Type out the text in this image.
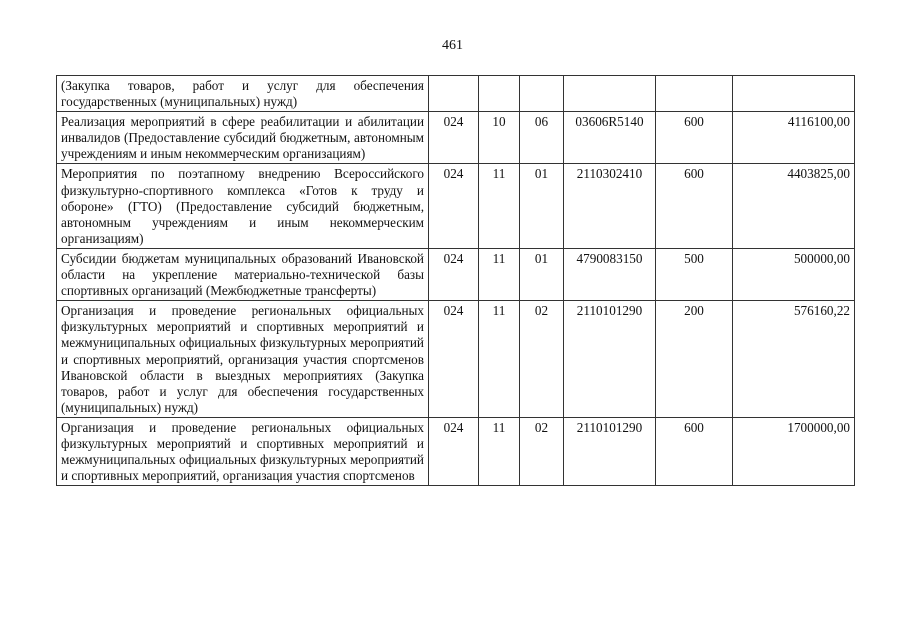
461
(Закупка товаров, работ и услуг для обеспечения государственных (муниципальных) нужд)						
Реализация мероприятий в сфере реабилитации и абилитации инвалидов (Предоставление субсидий бюджетным, автономным учреждениям и иным некоммерческим организациям)	024	10	06	03606R5140	600	4116100,00
Мероприятия по поэтапному внедрению Всероссийского физкультурно-спортивного комплекса «Готов к труду и обороне» (ГТО) (Предоставление субсидий бюджетным, автономным учреждениям и иным некоммерческим организациям)	024	11	01	2110302410	600	4403825,00
Субсидии бюджетам муниципальных образований Ивановской области на укрепление материально-технической базы спортивных организаций (Межбюджетные трансферты)	024	11	01	4790083150	500	500000,00
Организация и проведение региональных официальных физкультурных мероприятий и спортивных мероприятий и межмуниципальных официальных физкультурных мероприятий и спортивных мероприятий, организация участия спортсменов Ивановской области в выездных мероприятиях (Закупка товаров, работ и услуг для обеспечения государственных (муниципальных) нужд)	024	11	02	2110101290	200	576160,22
Организация и проведение региональных официальных физкультурных мероприятий и спортивных мероприятий и межмуниципальных официальных физкультурных мероприятий и спортивных мероприятий, организация участия спортсменов	024	11	02	2110101290	600	1700000,00
